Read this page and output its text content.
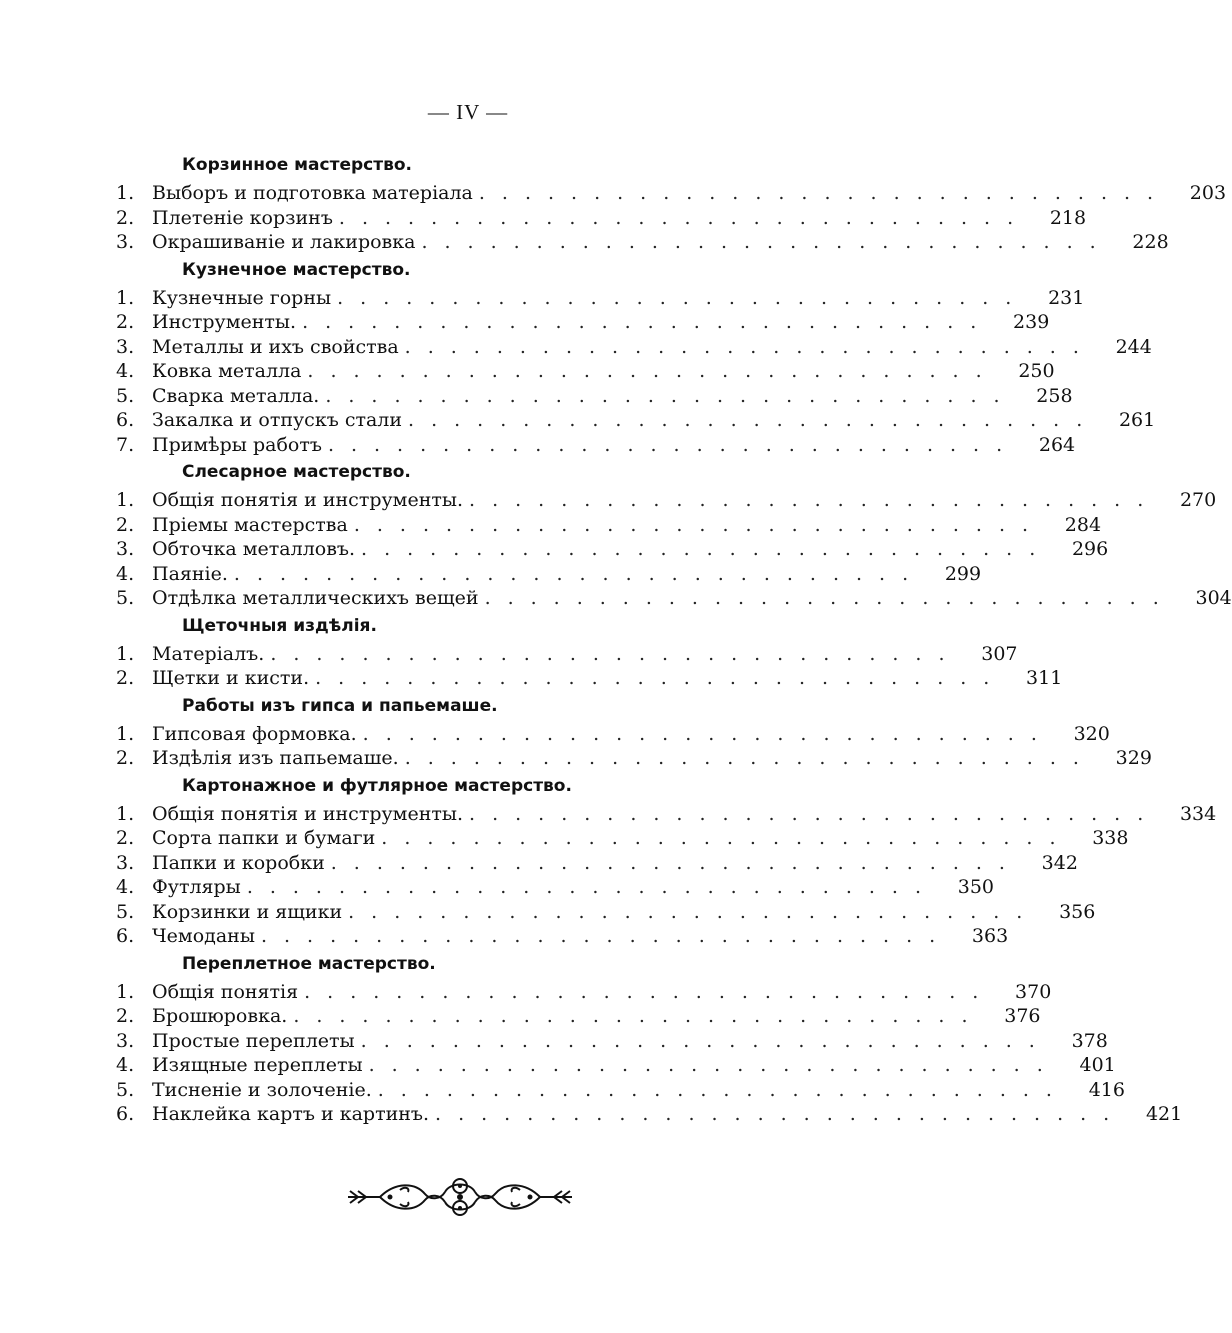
— IV —
Корзинное мастерство.
1. Выборъ и подготовка матеріала ..............................	203
2. Плетеніе корзинъ ..............................	218
3. Окрашиваніе и лакировка ..............................	228
Кузнечное мастерство.
1. Кузнечные горны ..............................	231
2. Инструменты. ..............................	239
3. Металлы и ихъ свойства ..............................	244
4. Ковка металла ..............................	250
5. Сварка металла. ..............................	258
6. Закалка и отпускъ стали ..............................	261
7. Примѣры работъ ..............................	264
Слесарное мастерство.
1. Общія понятія и инструменты. ..............................	270
2. Пріемы мастерства ..............................	284
3. Обточка металловъ. ..............................	296
4. Паяніе. ..............................	299
5. Отдѣлка металлическихъ вещей ..............................	304
Щеточныя издѣлія.
1. Матеріалъ. ..............................	307
2. Щетки и кисти. ..............................	311
Работы изъ гипса и папьемаше.
1. Гипсовая формовка. ..............................	320
2. Издѣлія изъ папьемаше. ..............................	329
Картонажное и футлярное мастерство.
1. Общія понятія и инструменты. ..............................	334
2. Сорта папки и бумаги ..............................	338
3. Папки и коробки ..............................	342
4. Футляры ..............................	350
5. Корзинки и ящики ..............................	356
6. Чемоданы ..............................	363
Переплетное мастерство.
1. Общія понятія ..............................	370
2. Брошюровка. ..............................	376
3. Простые переплеты ..............................	378
4. Изящные переплеты ..............................	401
5. Тисненіе и золоченіе. ..............................	416
6. Наклейка картъ и картинъ. ..............................	421
